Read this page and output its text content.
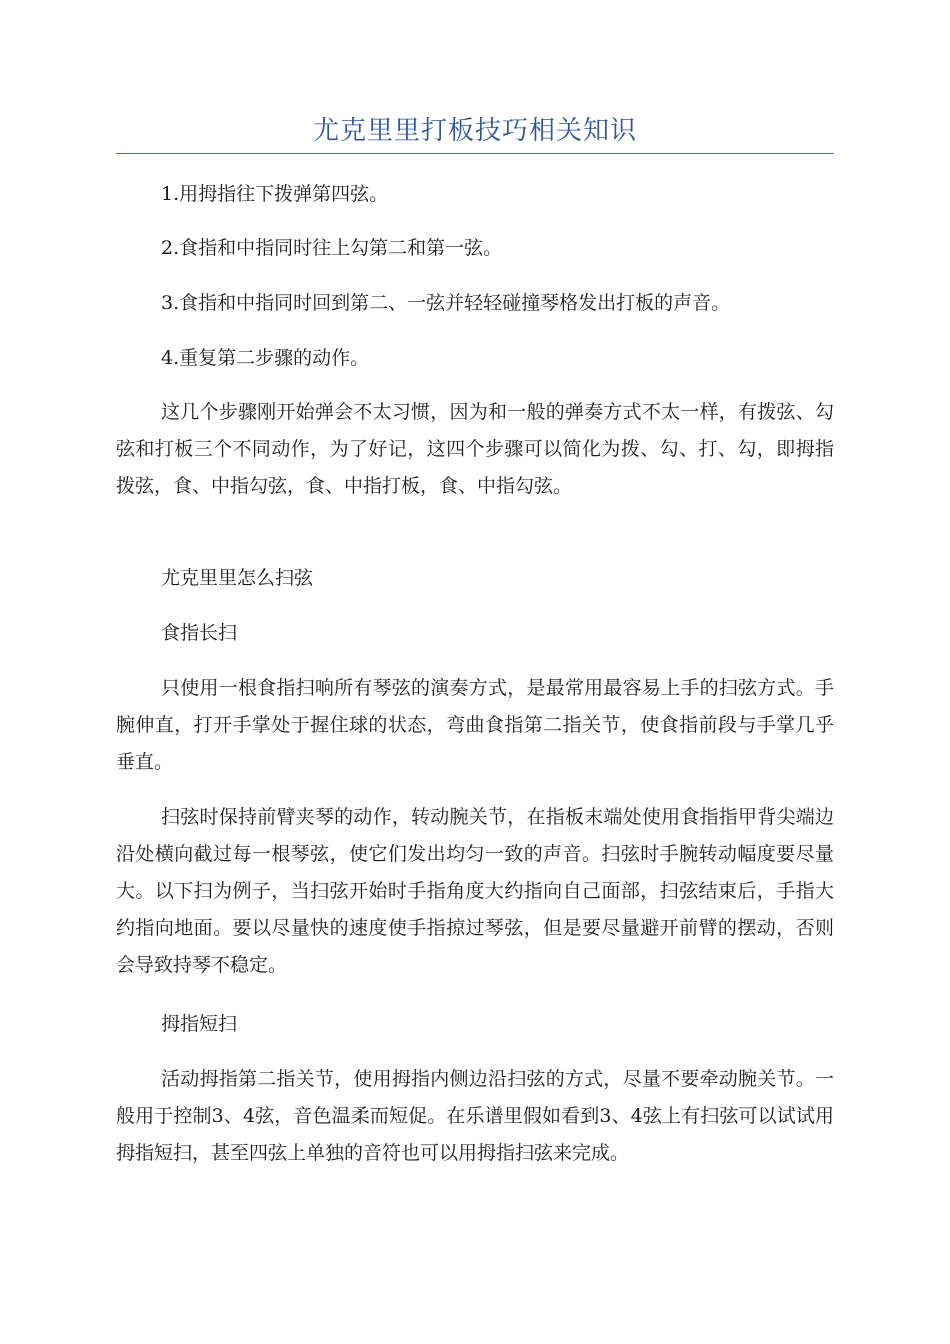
尤克里里打板技巧相关知识

1.用拇指往下拨弹第四弦。

2.食指和中指同时往上勾第二和第一弦。

3.食指和中指同时回到第二、一弦并轻轻碰撞琴格发出打板的声音。

4.重复第二步骤的动作。

这几个步骤刚开始弹会不太习惯，因为和一般的弹奏方式不太一样，有拨弦、勾弦和打板三个不同动作，为了好记，这四个步骤可以简化为拨、勾、打、勾，即拇指拨弦，食、中指勾弦，食、中指打板，食、中指勾弦。

尤克里里怎么扫弦

食指长扫

只使用一根食指扫响所有琴弦的演奏方式，是最常用最容易上手的扫弦方式。手腕伸直，打开手掌处于握住球的状态，弯曲食指第二指关节，使食指前段与手掌几乎垂直。

扫弦时保持前臂夹琴的动作，转动腕关节，在指板末端处使用食指指甲背尖端边沿处横向截过每一根琴弦，使它们发出均匀一致的声音。扫弦时手腕转动幅度要尽量大。以下扫为例子，当扫弦开始时手指角度大约指向自己面部，扫弦结束后，手指大约指向地面。要以尽量快的速度使手指掠过琴弦，但是要尽量避开前臂的摆动，否则会导致持琴不稳定。

拇指短扫

活动拇指第二指关节，使用拇指内侧边沿扫弦的方式，尽量不要牵动腕关节。一般用于控制3、4弦，音色温柔而短促。在乐谱里假如看到3、4弦上有扫弦可以试试用拇指短扫，甚至四弦上单独的音符也可以用拇指扫弦来完成。
